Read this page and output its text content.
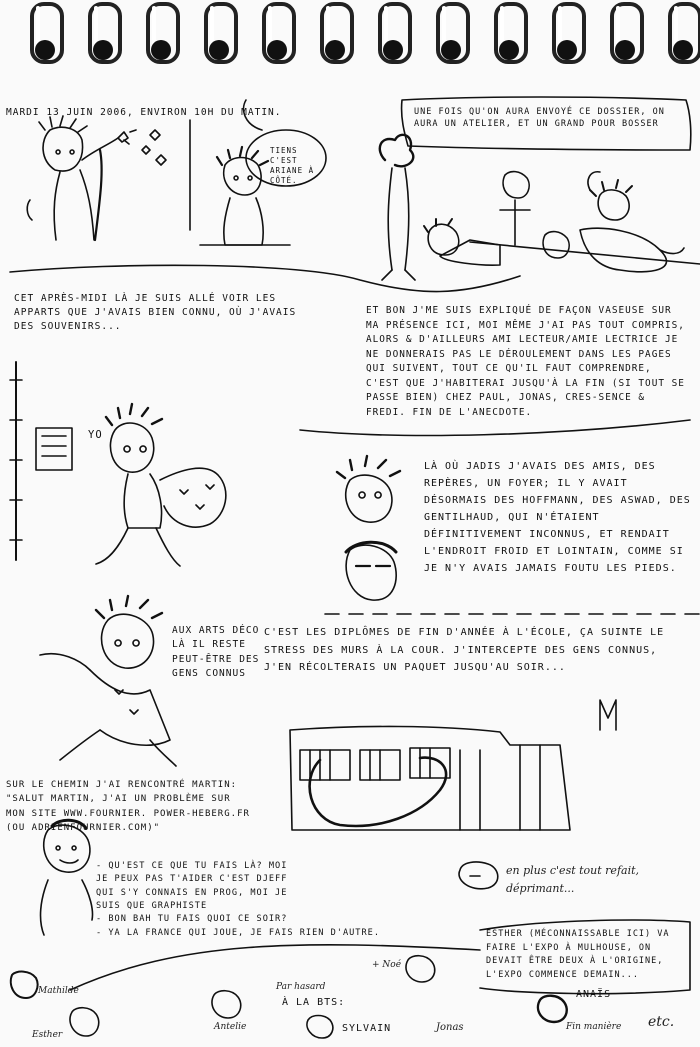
MARDI 13 JUIN 2006, ENVIRON 10H DU MATIN.
TIENS C'EST ARIANE À CÔTÉ.
UNE FOIS QU'ON AURA ENVOYÉ CE DOSSIER, ON AURA UN ATELIER, ET UN GRAND POUR BOSSER
CET APRÈS-MIDI LÀ JE SUIS ALLÉ VOIR LES APPARTS QUE J'AVAIS BIEN CONNU, OÙ J'AVAIS DES SOUVENIRS...
ET BON J'ME SUIS EXPLIQUÉ DE FAÇON VASEUSE SUR MA PRÉSENCE ICI, MOI MÊME J'AI PAS TOUT COMPRIS, ALORS & D'AILLEURS AMI LECTEUR/AMIE LECTRICE JE NE DONNERAIS PAS LE DÉROULEMENT DANS LES PAGES QUI SUIVENT, TOUT CE QU'IL FAUT COMPRENDRE, C'EST QUE J'HABITERAI JUSQU'À LA FIN (SI TOUT SE PASSE BIEN) CHEZ PAUL, JONAS, CRES-SENCE & FREDI. FIN DE L'ANECDOTE.
YO
LÀ OÙ JADIS J'AVAIS DES AMIS, DES REPÈRES, UN FOYER; IL Y AVAIT DÉSORMAIS DES HOFFMANN, DES ASWAD, DES GENTILHAUD, QUI N'ÉTAIENT DÉFINITIVEMENT INCONNUS, ET RENDAIT L'ENDROIT FROID ET LOINTAIN, COMME SI JE N'Y AVAIS JAMAIS FOUTU LES PIEDS.
AUX ARTS DÉCO LÀ IL RESTE PEUT-ÊTRE DES GENS CONNUS
C'EST LES DIPLÔMES DE FIN D'ANNÉE À L'ÉCOLE, ÇA SUINTE LE STRESS DES MURS À LA COUR. J'INTERCEPTE DES GENS CONNUS, J'EN RÉCOLTERAIS UN PAQUET JUSQU'AU SOIR...
SUR LE CHEMIN J'AI RENCONTRÉ MARTIN: "SALUT MARTIN, J'AI UN PROBLÈME SUR MON SITE WWW.FOURNIER. POWER-HEBERG.FR (OU ADRIENFOURNIER.COM)"
- QU'EST CE QUE TU FAIS LÀ? MOI JE PEUX PAS T'AIDER C'EST DJEFF QUI S'Y CONNAIS EN PROG, MOI JE SUIS QUE GRAPHISTE
- BON BAH TU FAIS QUOI CE SOIR?
- YA LA FRANCE QUI JOUE, JE FAIS RIEN D'AUTRE.
en plus c'est tout refait, déprimant...
ESTHER (MÉCONNAISSABLE ICI) VA FAIRE L'EXPO À MULHOUSE, ON DEVAIT ÊTRE DEUX À L'ORIGINE, L'EXPO COMMENCE DEMAIN...
Mathilde
Esther
Antelie
Par hasard
À LA BTS:
+ Noé
SYLVAIN	Jonas
ANAÏS
Fin manière etc.
